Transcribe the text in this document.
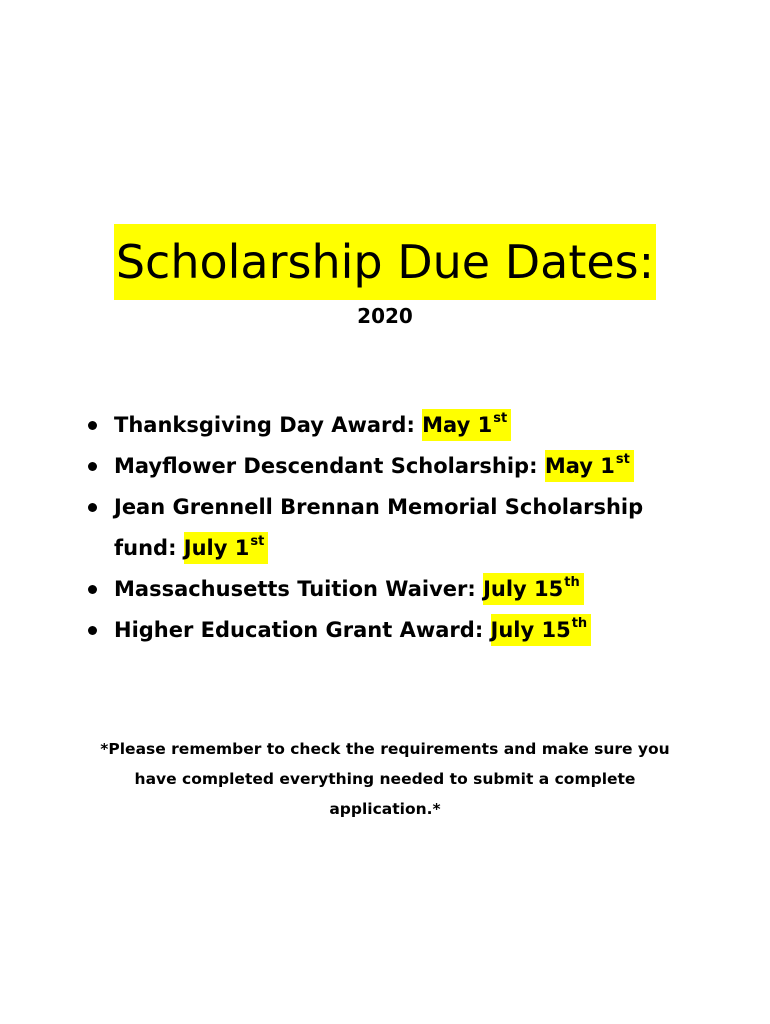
Scholarship Due Dates:
2020
Thanksgiving Day Award: May 1st
Mayflower Descendant Scholarship: May 1st
Jean Grennell Brennan Memorial Scholarship fund: July 1st
Massachusetts Tuition Waiver: July 15th
Higher Education Grant Award: July 15th

*Please remember to check the requirements and make sure you have completed everything needed to submit a complete application.*
